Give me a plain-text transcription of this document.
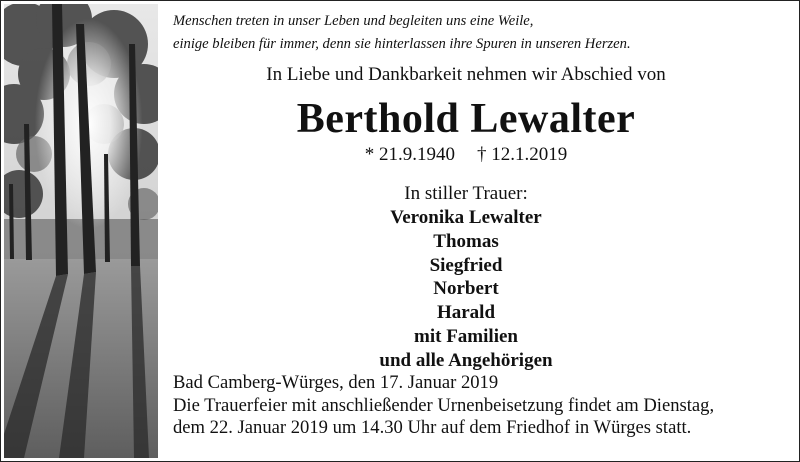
Menschen treten in unser Leben und begleiten uns eine Weile,
einige bleiben für immer, denn sie hinterlassen ihre Spuren in unseren Herzen.
In Liebe und Dankbarkeit nehmen wir Abschied von
Berthold Lewalter
* 21.9.1940 † 12.1.2019
In stiller Trauer:
Veronika Lewalter
Thomas
Siegfried
Norbert
Harald
mit Familien
und alle Angehörigen
Bad Camberg-Würges, den 17. Januar 2019
Die Trauerfeier mit anschließender Urnenbeisetzung findet am Dienstag,
dem 22. Januar 2019 um 14.30 Uhr auf dem Friedhof in Würges statt.
